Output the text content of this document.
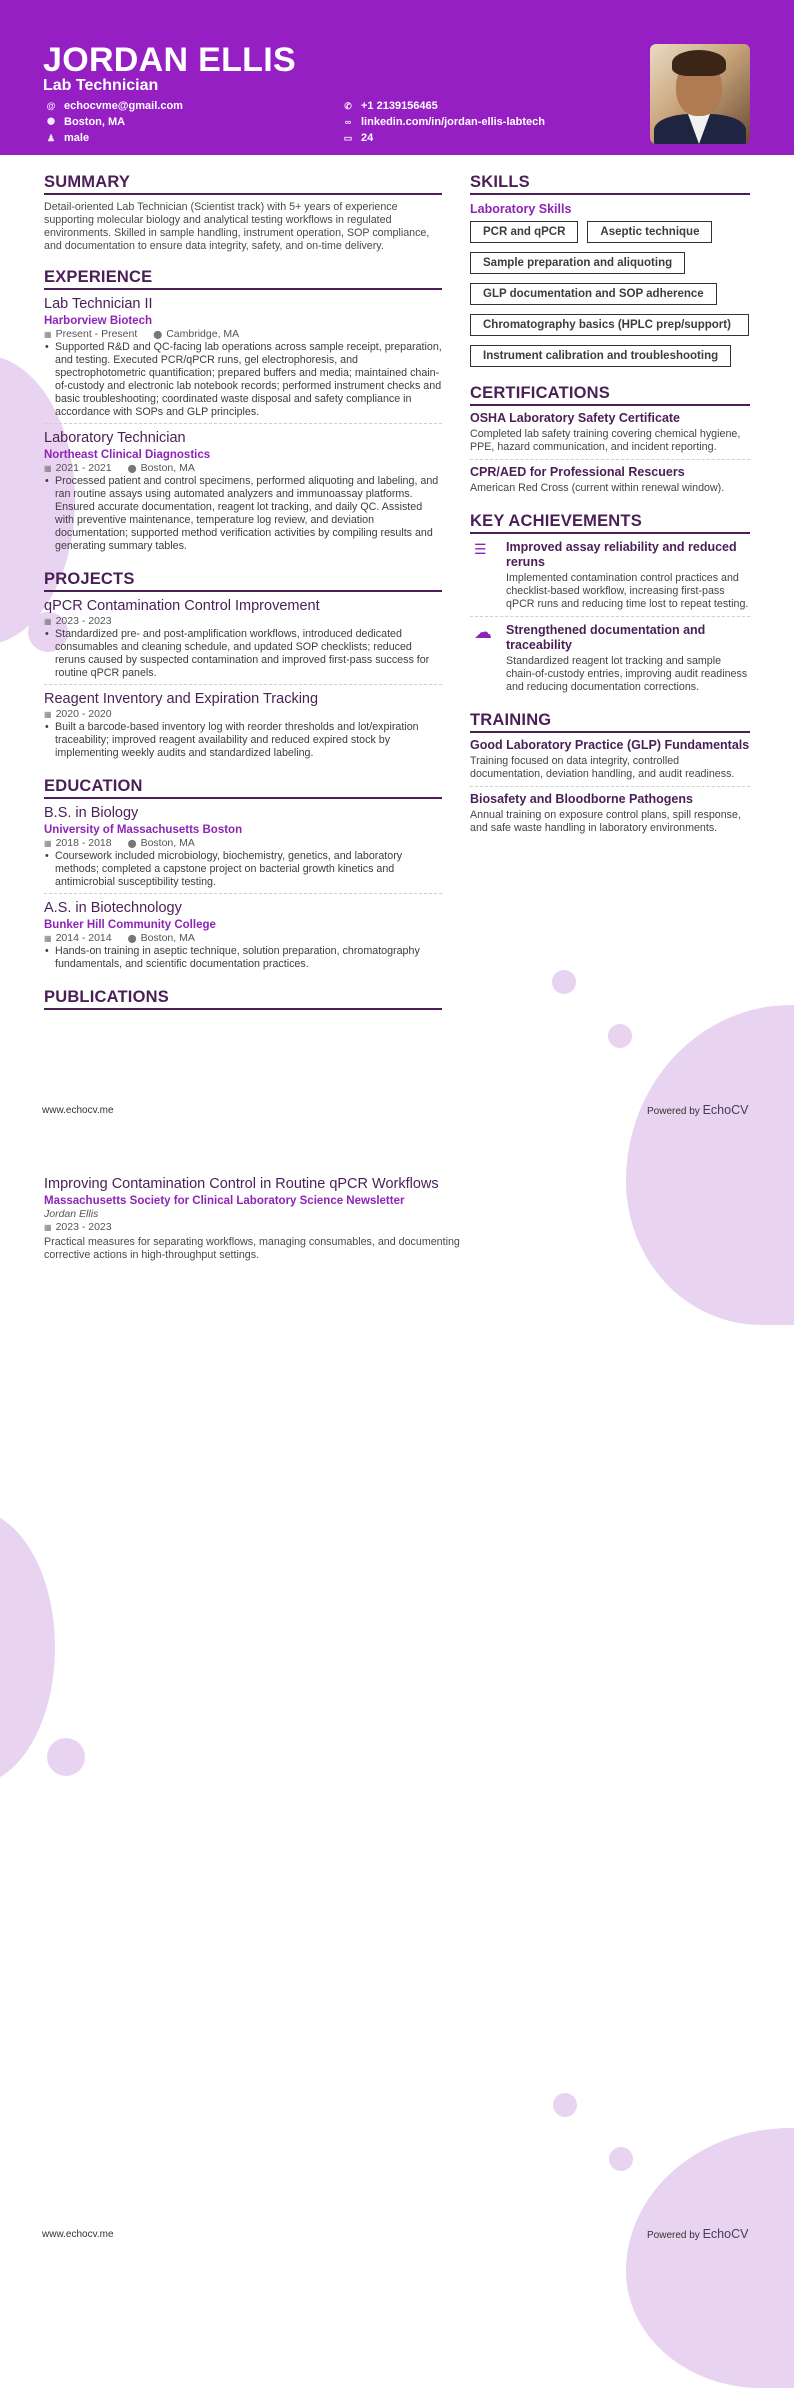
JORDAN ELLIS
Lab Technician
@ echocvme@gmail.com
⬤ Boston, MA
♟ male
✆ +1 2139156465
∞ linkedin.com/in/jordan-ellis-labtech
▭ 24
SUMMARY

Detail-oriented Lab Technician (Scientist track) with 5+ years of experience supporting molecular biology and analytical testing workflows in regulated environments. Skilled in sample handling, instrument operation, SOP compliance, and documentation to ensure data integrity, safety, and on-time delivery.

EXPERIENCE
Lab Technician II
Harborview Biotech
▦ Present - Present ⬤ Cambridge, MA
• Supported R&D and QC-facing lab operations across sample receipt, preparation, and testing. Executed PCR/qPCR runs, gel electrophoresis, and spectrophotometric quantification; prepared buffers and media; maintained chain-of-custody and electronic lab notebook records; performed instrument checks and basic troubleshooting; coordinated waste disposal and safety compliance in accordance with SOPs and GLP principles.
Laboratory Technician
Northeast Clinical Diagnostics
▦ 2021 - 2021 ⬤ Boston, MA
• Processed patient and control specimens, performed aliquoting and labeling, and ran routine assays using automated analyzers and immunoassay platforms. Ensured accurate documentation, reagent lot tracking, and daily QC. Assisted with preventive maintenance, temperature log review, and deviation documentation; supported method verification activities by compiling results and generating summary tables.
PROJECTS
qPCR Contamination Control Improvement
▦ 2023 - 2023
• Standardized pre- and post-amplification workflows, introduced dedicated consumables and cleaning schedule, and updated SOP checklists; reduced reruns caused by suspected contamination and improved first-pass success for routine qPCR panels.
Reagent Inventory and Expiration Tracking
▦ 2020 - 2020
• Built a barcode-based inventory log with reorder thresholds and lot/expiration traceability; improved reagent availability and reduced expired stock by implementing weekly audits and standardized labeling.
EDUCATION
B.S. in Biology
University of Massachusetts Boston
▦ 2018 - 2018 ⬤ Boston, MA
• Coursework included microbiology, biochemistry, genetics, and laboratory methods; completed a capstone project on bacterial growth kinetics and antimicrobial susceptibility testing.
A.S. in Biotechnology
Bunker Hill Community College
▦ 2014 - 2014 ⬤ Boston, MA
• Hands-on training in aseptic technique, solution preparation, chromatography fundamentals, and scientific documentation practices.
PUBLICATIONS
SKILLS
Laboratory Skills
PCR and qPCR	Aseptic technique
Sample preparation and aliquoting
GLP documentation and SOP adherence
Chromatography basics (HPLC prep/support)
Instrument calibration and troubleshooting
CERTIFICATIONS
OSHA Laboratory Safety Certificate
Completed lab safety training covering chemical hygiene, PPE, hazard communication, and incident reporting.
CPR/AED for Professional Rescuers
American Red Cross (current within renewal window).
KEY ACHIEVEMENTS
☰	Improved assay reliability and reduced reruns
Implemented contamination control practices and checklist-based workflow, increasing first-pass qPCR runs and reducing time lost to repeat testing.
☁	Strengthened documentation and traceability
Standardized reagent lot tracking and sample chain-of-custody entries, improving audit readiness and reducing documentation corrections.
TRAINING
Good Laboratory Practice (GLP) Fundamentals
Training focused on data integrity, controlled documentation, deviation handling, and audit readiness.
Biosafety and Bloodborne Pathogens
Annual training on exposure control plans, spill response, and safe waste handling in laboratory environments.
www.echocv.me	Powered by EchoCV
Improving Contamination Control in Routine qPCR Workflows
Massachusetts Society for Clinical Laboratory Science Newsletter
Jordan Ellis
▦ 2023 - 2023
Practical measures for separating workflows, managing consumables, and documenting corrective actions in high-throughput settings.
www.echocv.me	Powered by EchoCV
